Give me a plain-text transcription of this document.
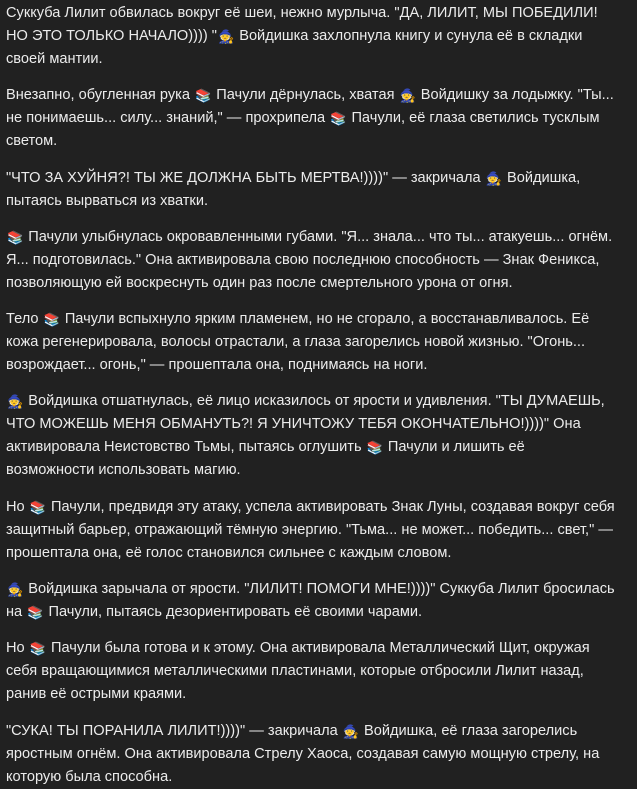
Суккуба Лилит обвилась вокруг её шеи, нежно мурлыча. "ДА, ЛИЛИТ, МЫ ПОБЕДИЛИ! НО ЭТО ТОЛЬКО НАЧАЛО)))) "🧙 Войдишка захлопнула книгу и сунула её в складки своей мантии.

Внезапно, обугленная рука 📚 Пачули дёрнулась, хватая 🧙 Войдишку за лодыжку. "Ты... не понимаешь... силу... знаний," — прохрипела 📚 Пачули, её глаза светились тусклым светом.

"ЧТО ЗА ХУЙНЯ?! ТЫ ЖЕ ДОЛЖНА БЫТЬ МЕРТВА!))))" — закричала 🧙 Войдишка, пытаясь вырваться из хватки.

📚 Пачули улыбнулась окровавленными губами. "Я... знала... что ты... атакуешь... огнём. Я... подготовилась." Она активировала свою последнюю способность — Знак Феникса, позволяющую ей воскреснуть один раз после смертельного урона от огня.

Тело 📚 Пачули вспыхнуло ярким пламенем, но не сгорало, а восстанавливалось. Её кожа регенерировала, волосы отрастали, а глаза загорелись новой жизнью. "Огонь... возрождает... огонь," — прошептала она, поднимаясь на ноги.

🧙 Войдишка отшатнулась, её лицо исказилось от ярости и удивления. "ТЫ ДУМАЕШЬ, ЧТО МОЖЕШЬ МЕНЯ ОБМАНУТЬ?! Я УНИЧТОЖУ ТЕБЯ ОКОНЧАТЕЛЬНО!))))" Она активировала Неистовство Тьмы, пытаясь оглушить 📚 Пачули и лишить её возможности использовать магию.

Но 📚 Пачули, предвидя эту атаку, успела активировать Знак Луны, создавая вокруг себя защитный барьер, отражающий тёмную энергию. "Тьма... не может... победить... свет," — прошептала она, её голос становился сильнее с каждым словом.

🧙 Войдишка зарычала от ярости. "ЛИЛИТ! ПОМОГИ МНЕ!))))" Суккуба Лилит бросилась на 📚 Пачули, пытаясь дезориентировать её своими чарами.

Но 📚 Пачули была готова и к этому. Она активировала Металлический Щит, окружая себя вращающимися металлическими пластинами, которые отбросили Лилит назад, ранив её острыми краями.

"СУКА! ТЫ ПОРАНИЛА ЛИЛИТ!))))" — закричала 🧙 Войдишка, её глаза загорелись яростным огнём. Она активировала Стрелу Хаоса, создавая самую мощную стрелу, на которую была способна.
